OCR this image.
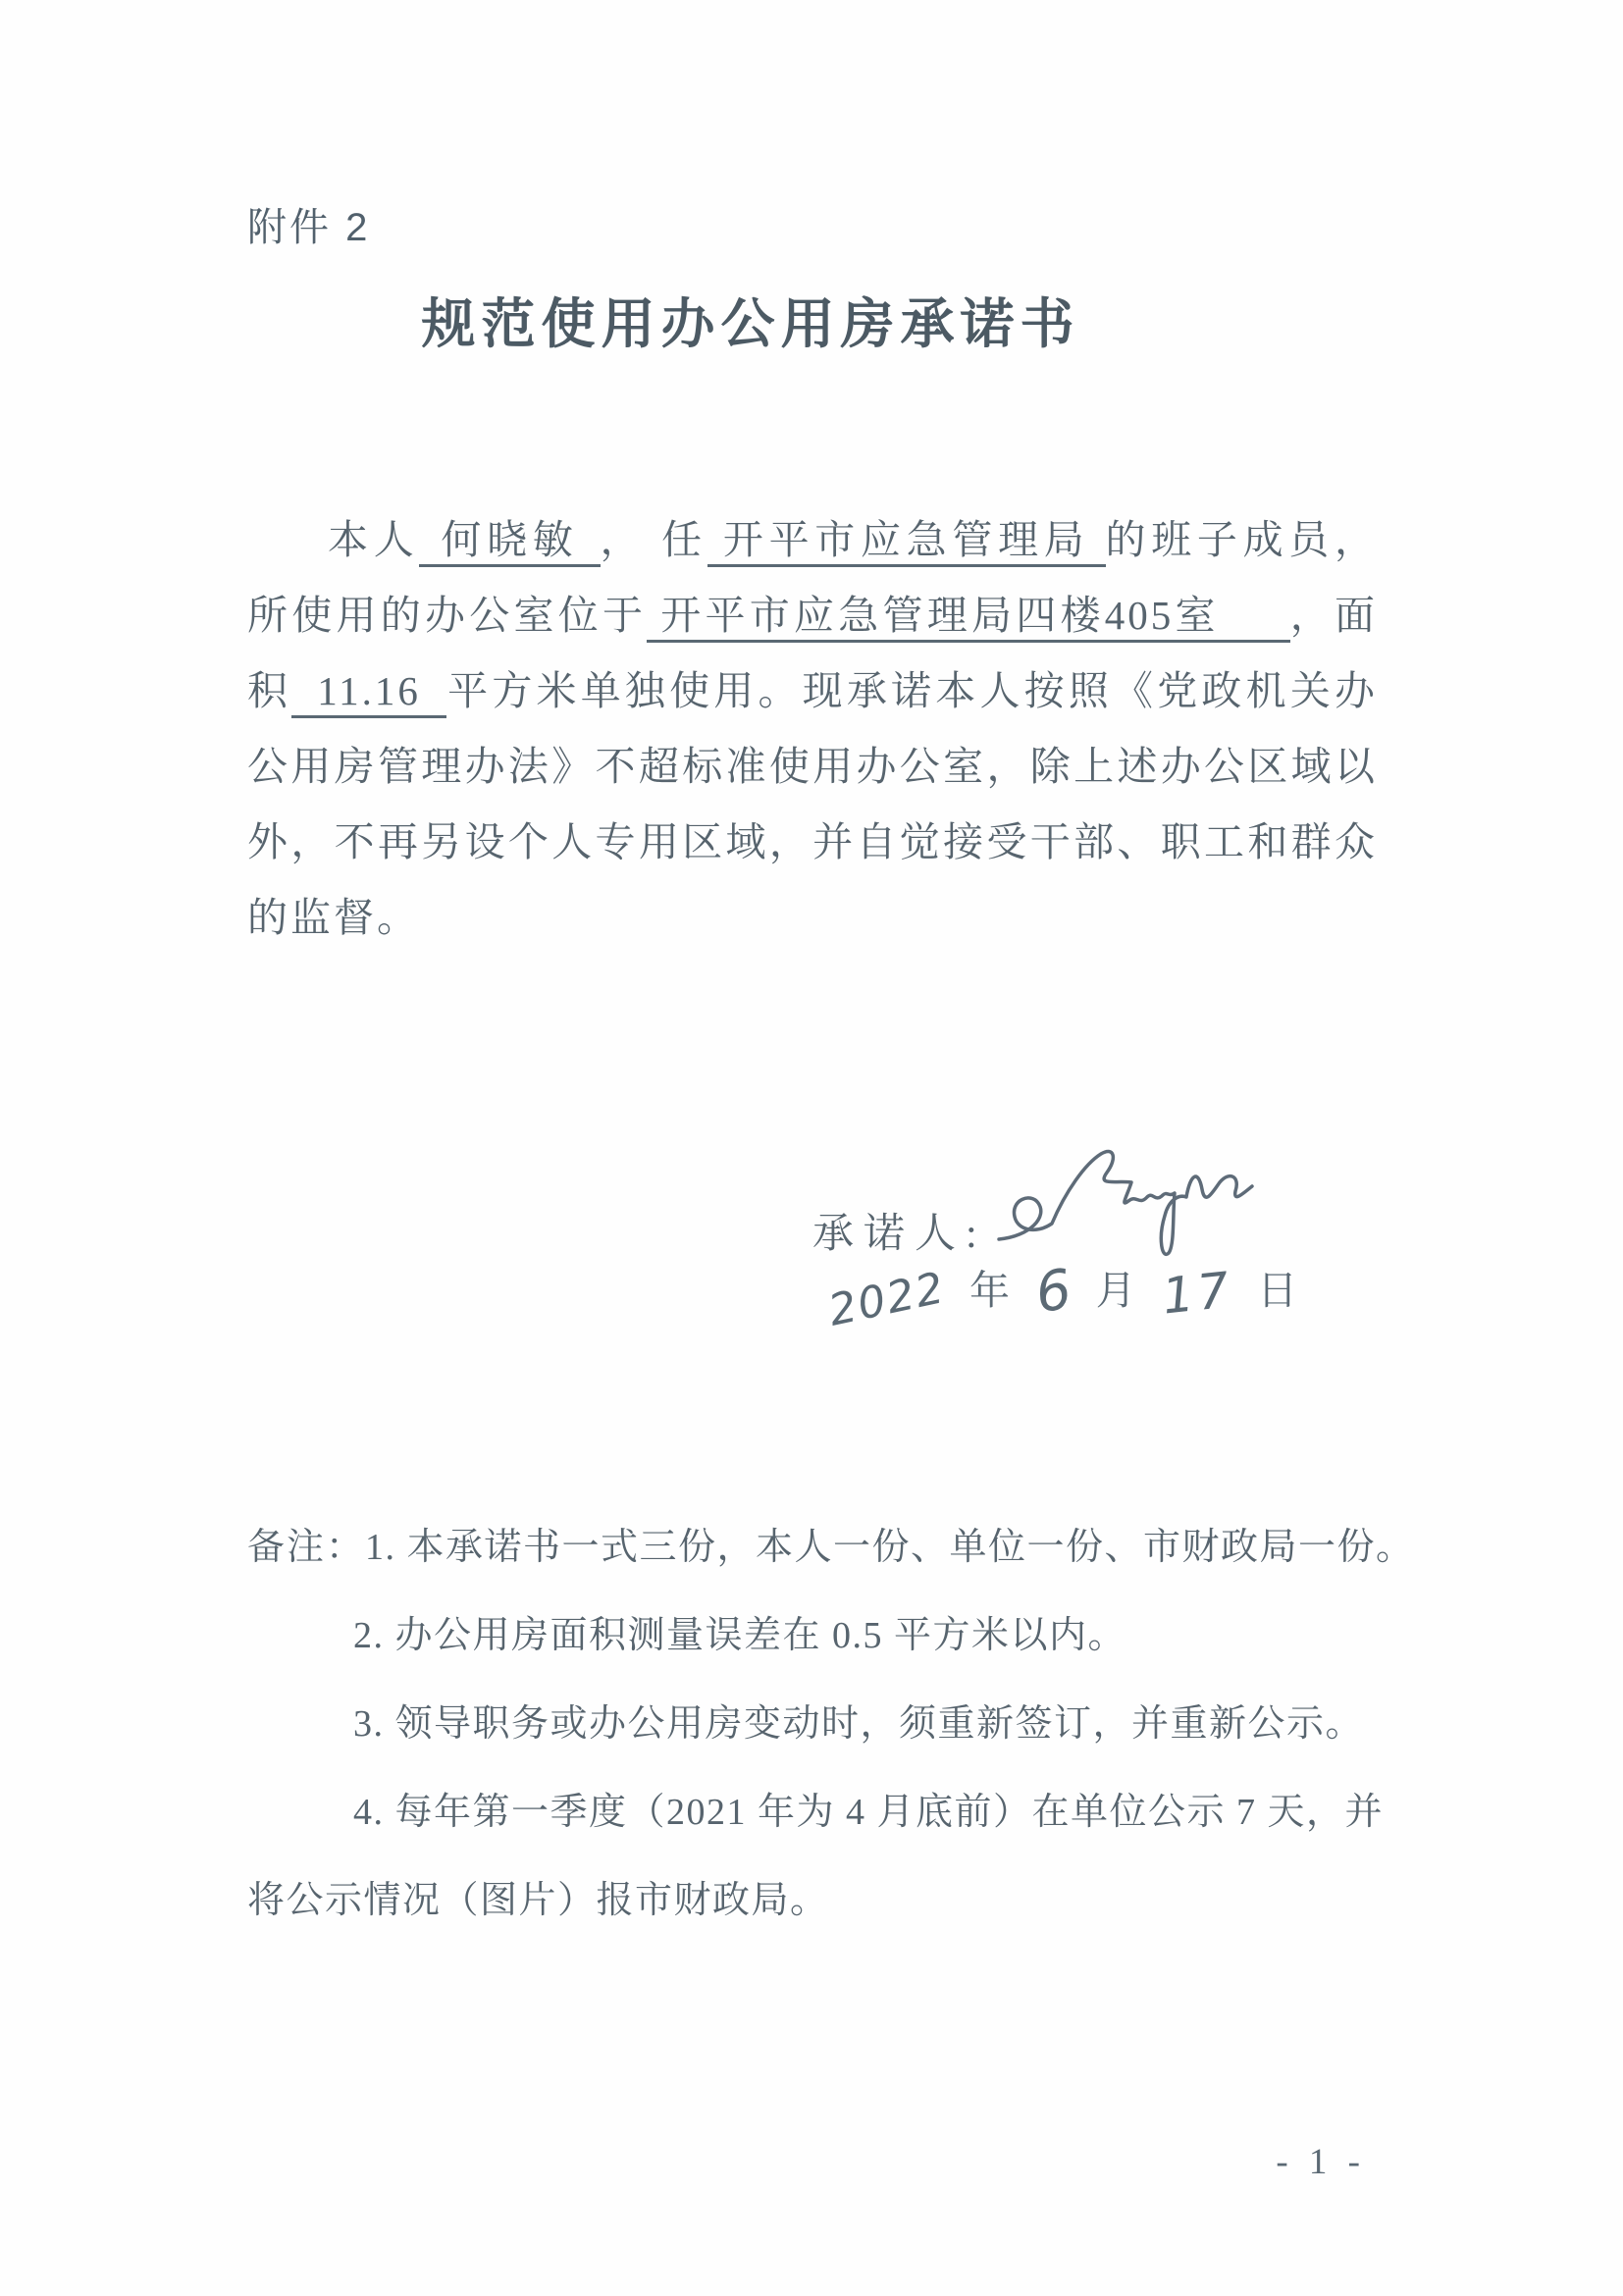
附件 2
规范使用办公用房承诺书
本人 何晓敏 ， 任 开平市应急管理局 的班子成员，
所使用的办公室位于 开平市应急管理局四楼405室 ，面
积 11.16 平方米单独使用。现承诺本人按照《党政机关办
公用房管理办法》不超标准使用办公室，除上述办公区域以
外，不再另设个人专用区域，并自觉接受干部、职工和群众
的监督。
承诺人:
2022 年 6 月 17 日
备注：1. 本承诺书一式三份，本人一份、单位一份、市财政局一份。
2. 办公用房面积测量误差在 0.5 平方米以内。
3. 领导职务或办公用房变动时，须重新签订，并重新公示。
4. 每年第一季度（2021 年为 4 月底前）在单位公示 7 天，并
将公示情况（图片）报市财政局。
- 1 -
